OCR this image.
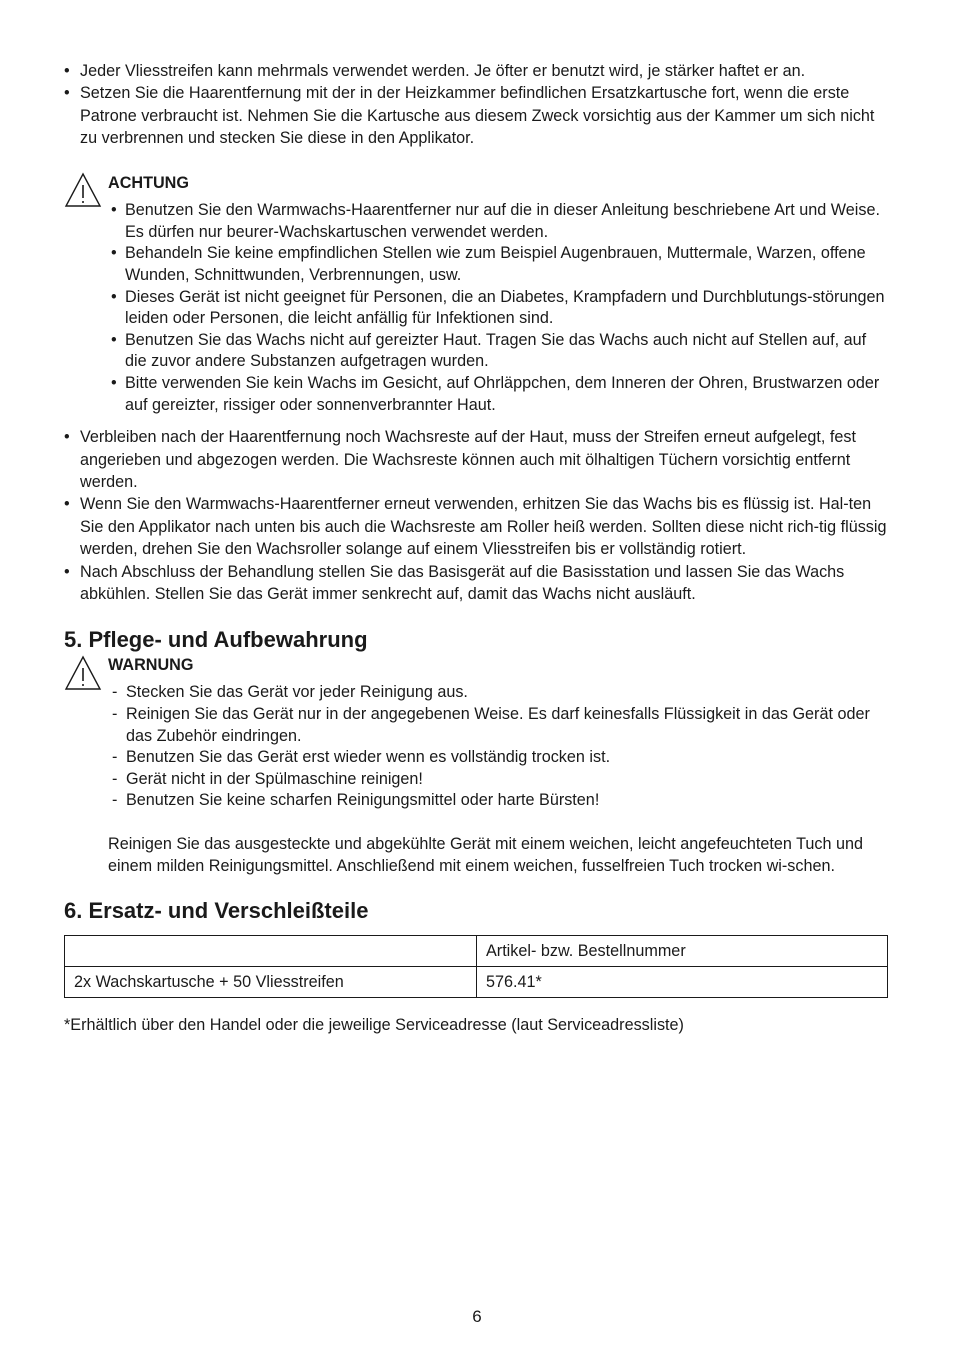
• Jeder Vliesstreifen kann mehrmals verwendet werden. Je öfter er benutzt wird, je stärker haftet er an.
• Setzen Sie die Haarentfernung mit der in der Heizkammer befindlichen Ersatzkartusche fort, wenn die erste Patrone verbraucht ist. Nehmen Sie die Kartusche aus diesem Zweck vorsichtig aus der Kammer um sich nicht zu verbrennen und stecken Sie diese in den Applikator.
ACHTUNG
• Benutzen Sie den Warmwachs-Haarentferner nur auf die in dieser Anleitung beschriebene Art und Weise. Es dürfen nur beurer-Wachskartuschen verwendet werden.
• Behandeln Sie keine empfindlichen Stellen wie zum Beispiel Augenbrauen, Muttermale, Warzen, offene Wunden, Schnittwunden, Verbrennungen, usw.
• Dieses Gerät ist nicht geeignet für Personen, die an Diabetes, Krampfadern und Durchblutungs-störungen leiden oder Personen, die leicht anfällig für Infektionen sind.
• Benutzen Sie das Wachs nicht auf gereizter Haut. Tragen Sie das Wachs auch nicht auf Stellen auf, auf die zuvor andere Substanzen aufgetragen wurden.
• Bitte verwenden Sie kein Wachs im Gesicht, auf Ohrläppchen, dem Inneren der Ohren, Brustwarzen oder auf gereizter, rissiger oder sonnenverbrannter Haut.
• Verbleiben nach der Haarentfernung noch Wachsreste auf der Haut, muss der Streifen erneut aufgelegt, fest angerieben und abgezogen werden. Die Wachsreste können auch mit ölhaltigen Tüchern vorsichtig entfernt werden.
• Wenn Sie den Warmwachs-Haarentferner erneut verwenden, erhitzen Sie das Wachs bis es flüssig ist. Hal-ten Sie den Applikator nach unten bis auch die Wachsreste am Roller heiß werden. Sollten diese nicht rich-tig flüssig werden, drehen Sie den Wachsroller solange auf einem Vliesstreifen bis er vollständig rotiert.
• Nach Abschluss der Behandlung stellen Sie das Basisgerät auf die Basisstation und lassen Sie das Wachs abkühlen. Stellen Sie das Gerät immer senkrecht auf, damit das Wachs nicht ausläuft.
5. Pflege- und Aufbewahrung
WARNUNG
- Stecken Sie das Gerät vor jeder Reinigung aus.
- Reinigen Sie das Gerät nur in der angegebenen Weise. Es darf keinesfalls Flüssigkeit in das Gerät oder das Zubehör eindringen.
- Benutzen Sie das Gerät erst wieder wenn es vollständig trocken ist.
- Gerät nicht in der Spülmaschine reinigen!
- Benutzen Sie keine scharfen Reinigungsmittel oder harte Bürsten!

Reinigen Sie das ausgesteckte und abgekühlte Gerät mit einem weichen, leicht angefeuchteten Tuch und einem milden Reinigungsmittel. Anschließend mit einem weichen, fusselfreien Tuch trocken wi-schen.

6. Ersatz- und Verschleißteile
	Artikel- bzw. Bestellnummer
2x Wachskartusche + 50 Vliesstreifen	576.41*
*Erhältlich über den Handel oder die jeweilige Serviceadresse (laut Serviceadressliste)
6
